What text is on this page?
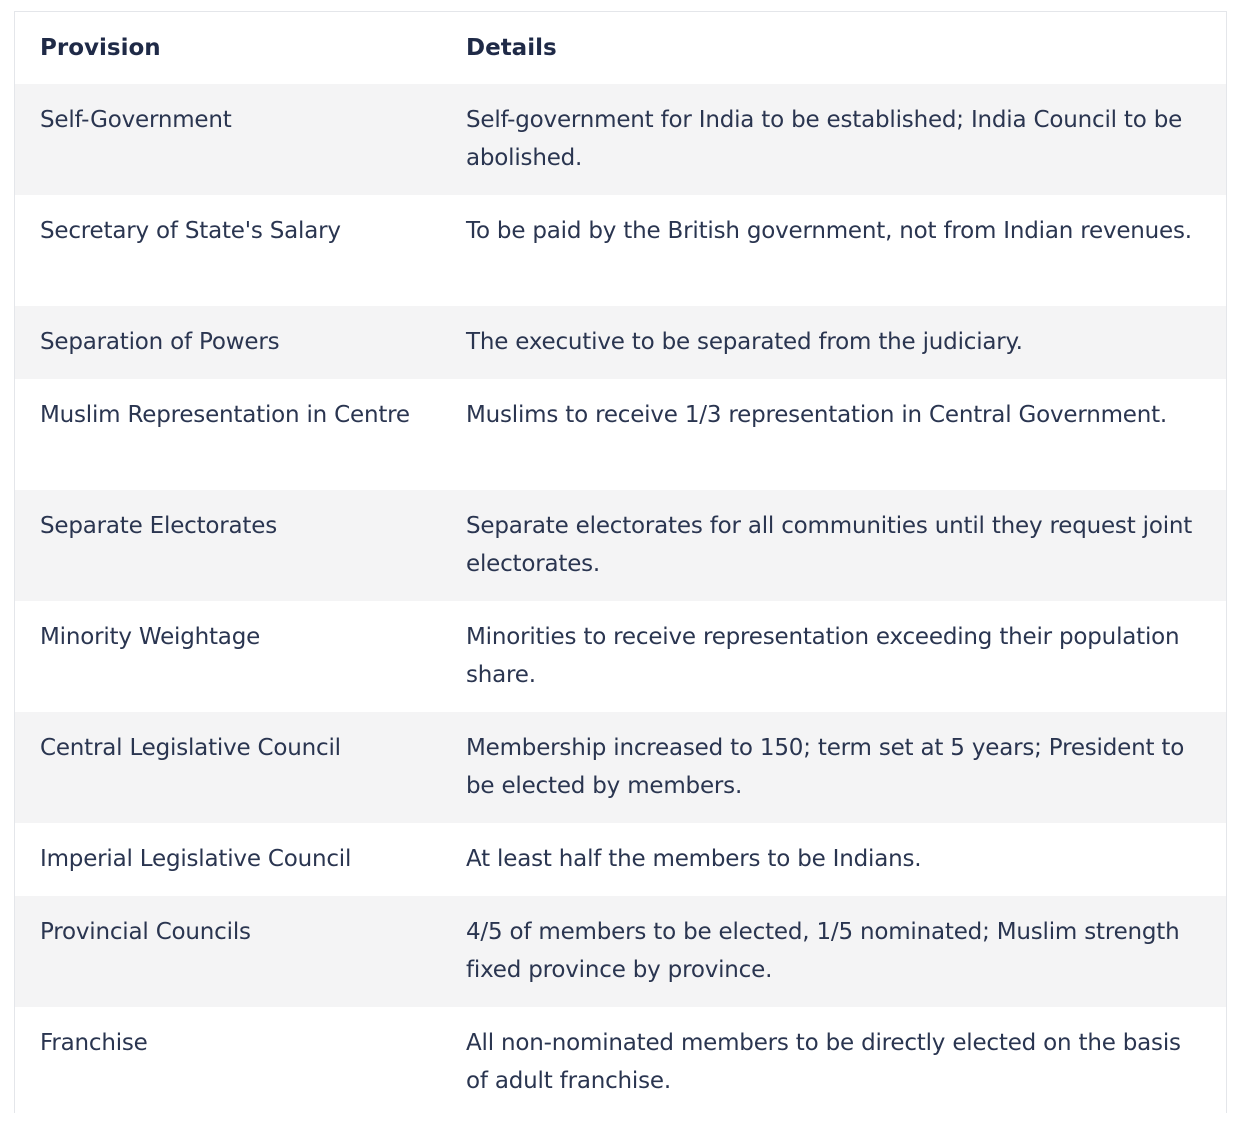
Provision	Details
Self-Government	Self-government for India to be established; India Council to be abolished.
Secretary of State's Salary	To be paid by the British government, not from Indian revenues.
Separation of Powers	The executive to be separated from the judiciary.
Muslim Representation in Centre	Muslims to receive 1/3 representation in Central Government.
Separate Electorates	Separate electorates for all communities until they request joint electorates.
Minority Weightage	Minorities to receive representation exceeding their population share.
Central Legislative Council	Membership increased to 150; term set at 5 years; President to be elected by members.
Imperial Legislative Council	At least half the members to be Indians.
Provincial Councils	4/5 of members to be elected, 1/5 nominated; Muslim strength fixed province by province.
Franchise	All non-nominated members to be directly elected on the basis of adult franchise.
